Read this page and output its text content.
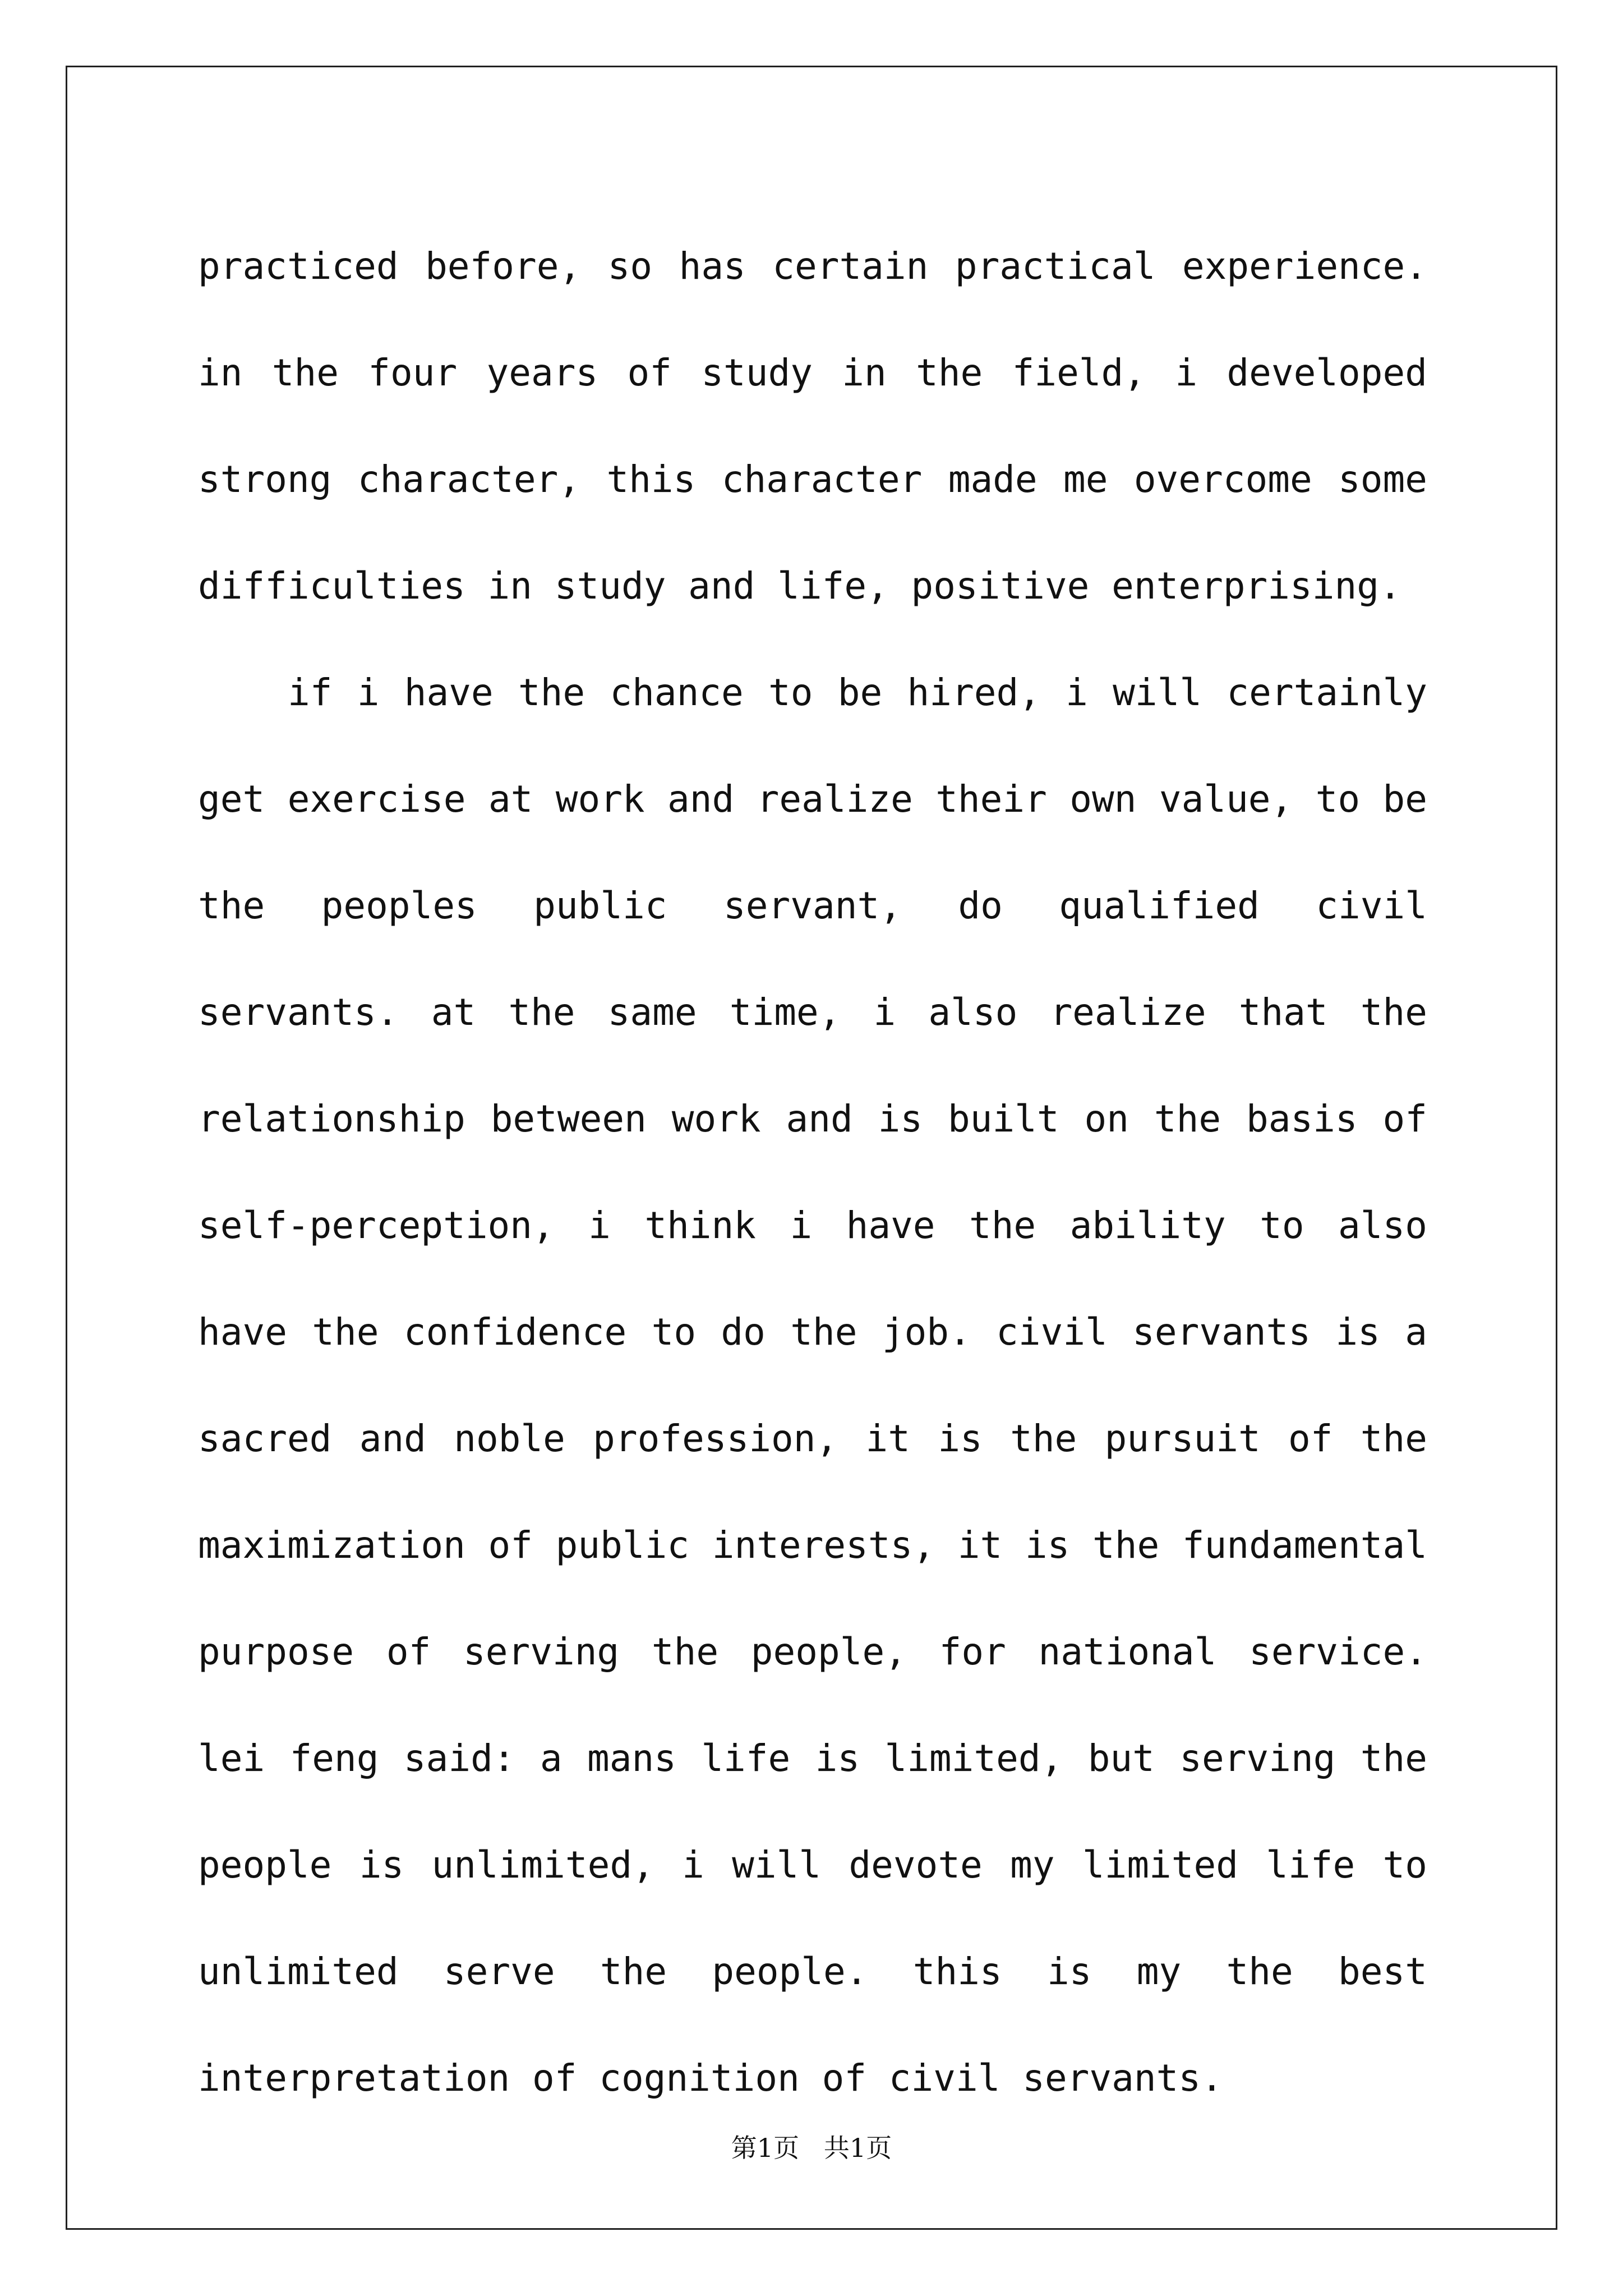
practiced before, so has certain practical experience. in the four years of study in the field, i developed strong character, this character made me overcome some difficulties in study and life, positive enterprising.

if i have the chance to be hired, i will certainly get exercise at work and realize their own value, to be the peoples public servant, do qualified civil servants. at the same time, i also realize that the relationship between work and is built on the basis of self-perception, i think i have the ability to also have the confidence to do the job. civil servants is a sacred and noble profession, it is the pursuit of the maximization of public interests, it is the fundamental purpose of serving the people, for national service. lei feng said: a mans life is limited, but serving the people is unlimited, i will devote my limited life to unlimited serve the people. this is my the best interpretation of cognition of civil servants.

第1页   共1页
